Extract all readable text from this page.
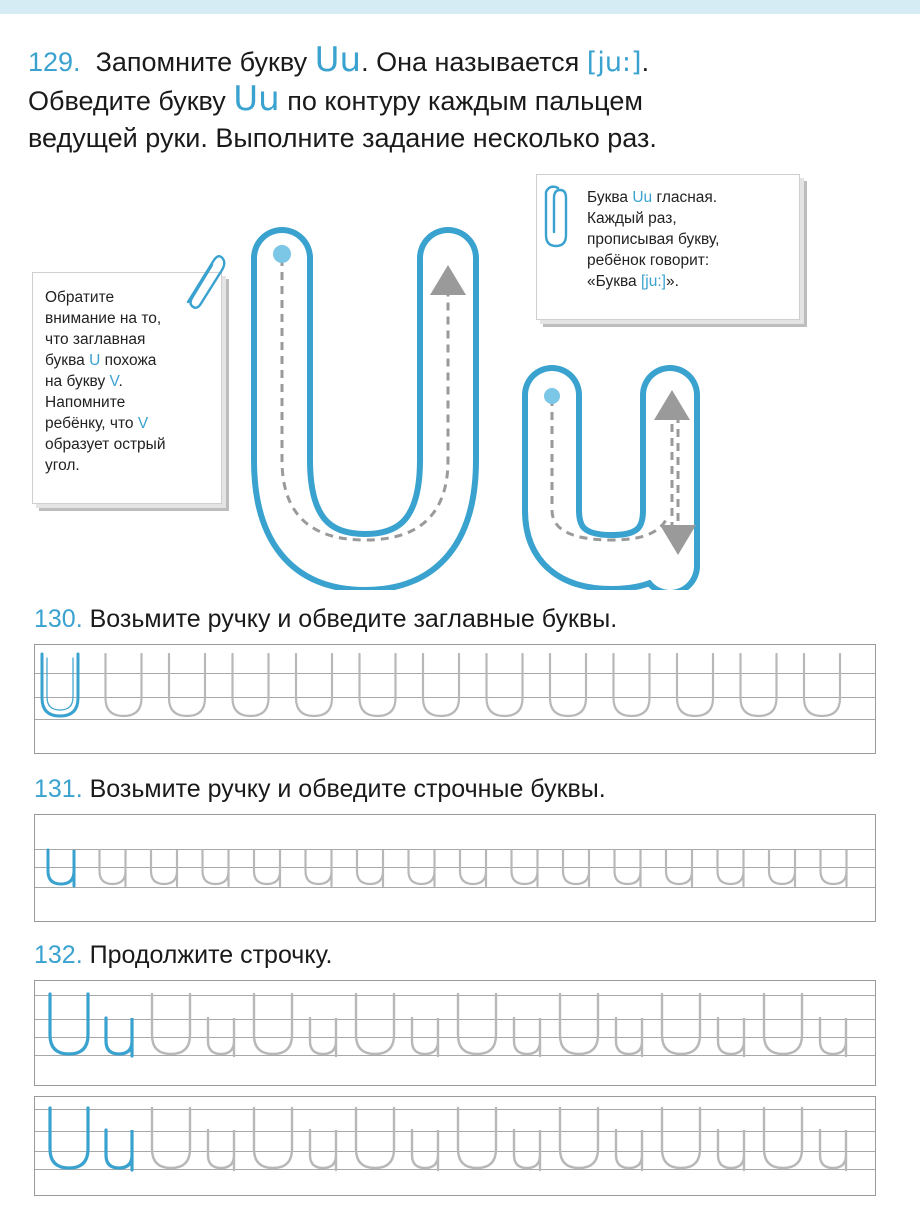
129. Запомните букву Uu. Она называется [ju:].
Обведите букву Uu по контуру каждым пальцем
ведущей руки. Выполните задание несколько раз.
Обратите
внимание на то,
что заглавная
буква U похожа
на букву V.
Напомните
ребёнку, что V
образует острый
угол.
Буква Uu гласная.
Каждый раз,
прописывая букву,
ребёнок говорит:
«Буква [ju:]».
130. Возьмите ручку и обведите заглавные буквы.
131. Возьмите ручку и обведите строчные буквы.
132. Продолжите строчку.
